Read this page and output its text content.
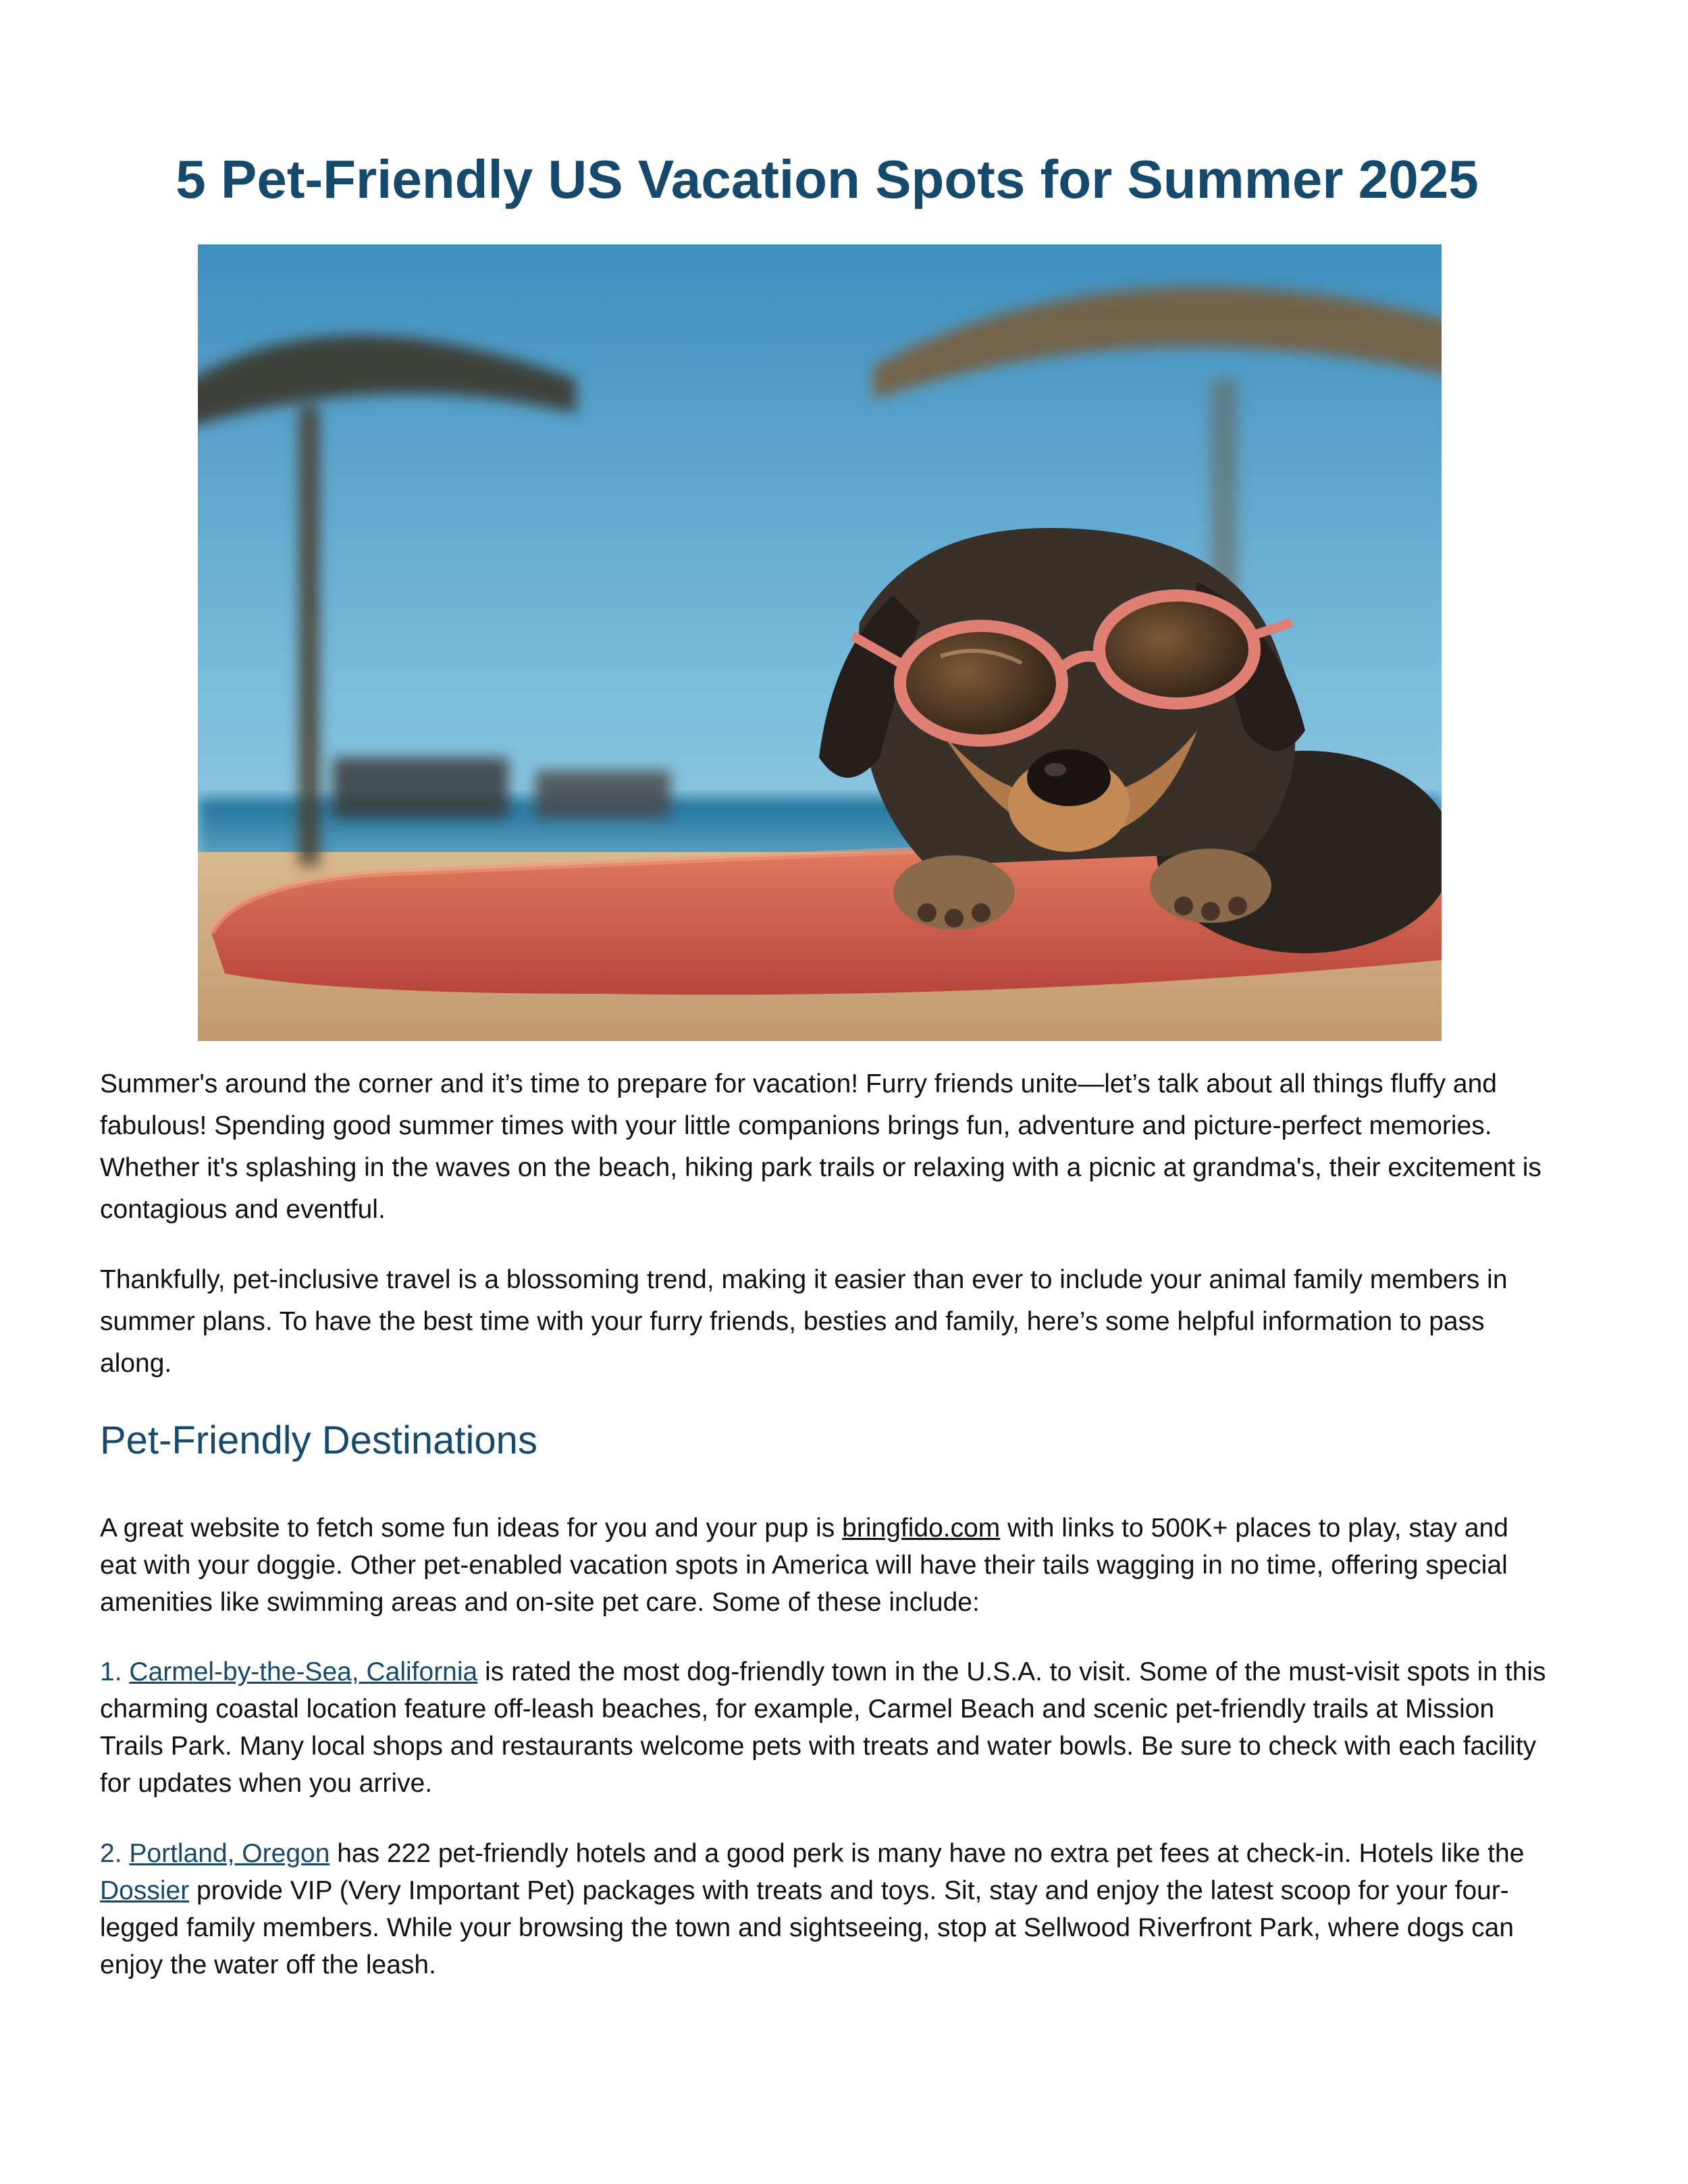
5 Pet-Friendly US Vacation Spots for Summer 2025

Summer's around the corner and it’s time to prepare for vacation! Furry friends unite—let’s talk about all things fluffy and fabulous! Spending good summer times with your little companions brings fun, adventure and picture-perfect memories. Whether it's splashing in the waves on the beach, hiking park trails or relaxing with a picnic at grandma's, their excitement is contagious and eventful.

Thankfully, pet-inclusive travel is a blossoming trend, making it easier than ever to include your animal family members in summer plans. To have the best time with your furry friends, besties and family, here’s some helpful information to pass along.

Pet-Friendly Destinations

A great website to fetch some fun ideas for you and your pup is bringfido.com with links to 500K+ places to play, stay and eat with your doggie. Other pet-enabled vacation spots in America will have their tails wagging in no time, offering special amenities like swimming areas and on-site pet care. Some of these include:

1. Carmel-by-the-Sea, California is rated the most dog-friendly town in the U.S.A. to visit. Some of the must-visit spots in this charming coastal location feature off-leash beaches, for example, Carmel Beach and scenic pet-friendly trails at Mission Trails Park. Many local shops and restaurants welcome pets with treats and water bowls. Be sure to check with each facility for updates when you arrive.

2. Portland, Oregon has 222 pet-friendly hotels and a good perk is many have no extra pet fees at check-in. Hotels like the Dossier provide VIP (Very Important Pet) packages with treats and toys. Sit, stay and enjoy the latest scoop for your four-legged family members. While your browsing the town and sightseeing, stop at Sellwood Riverfront Park, where dogs can enjoy the water off the leash.
